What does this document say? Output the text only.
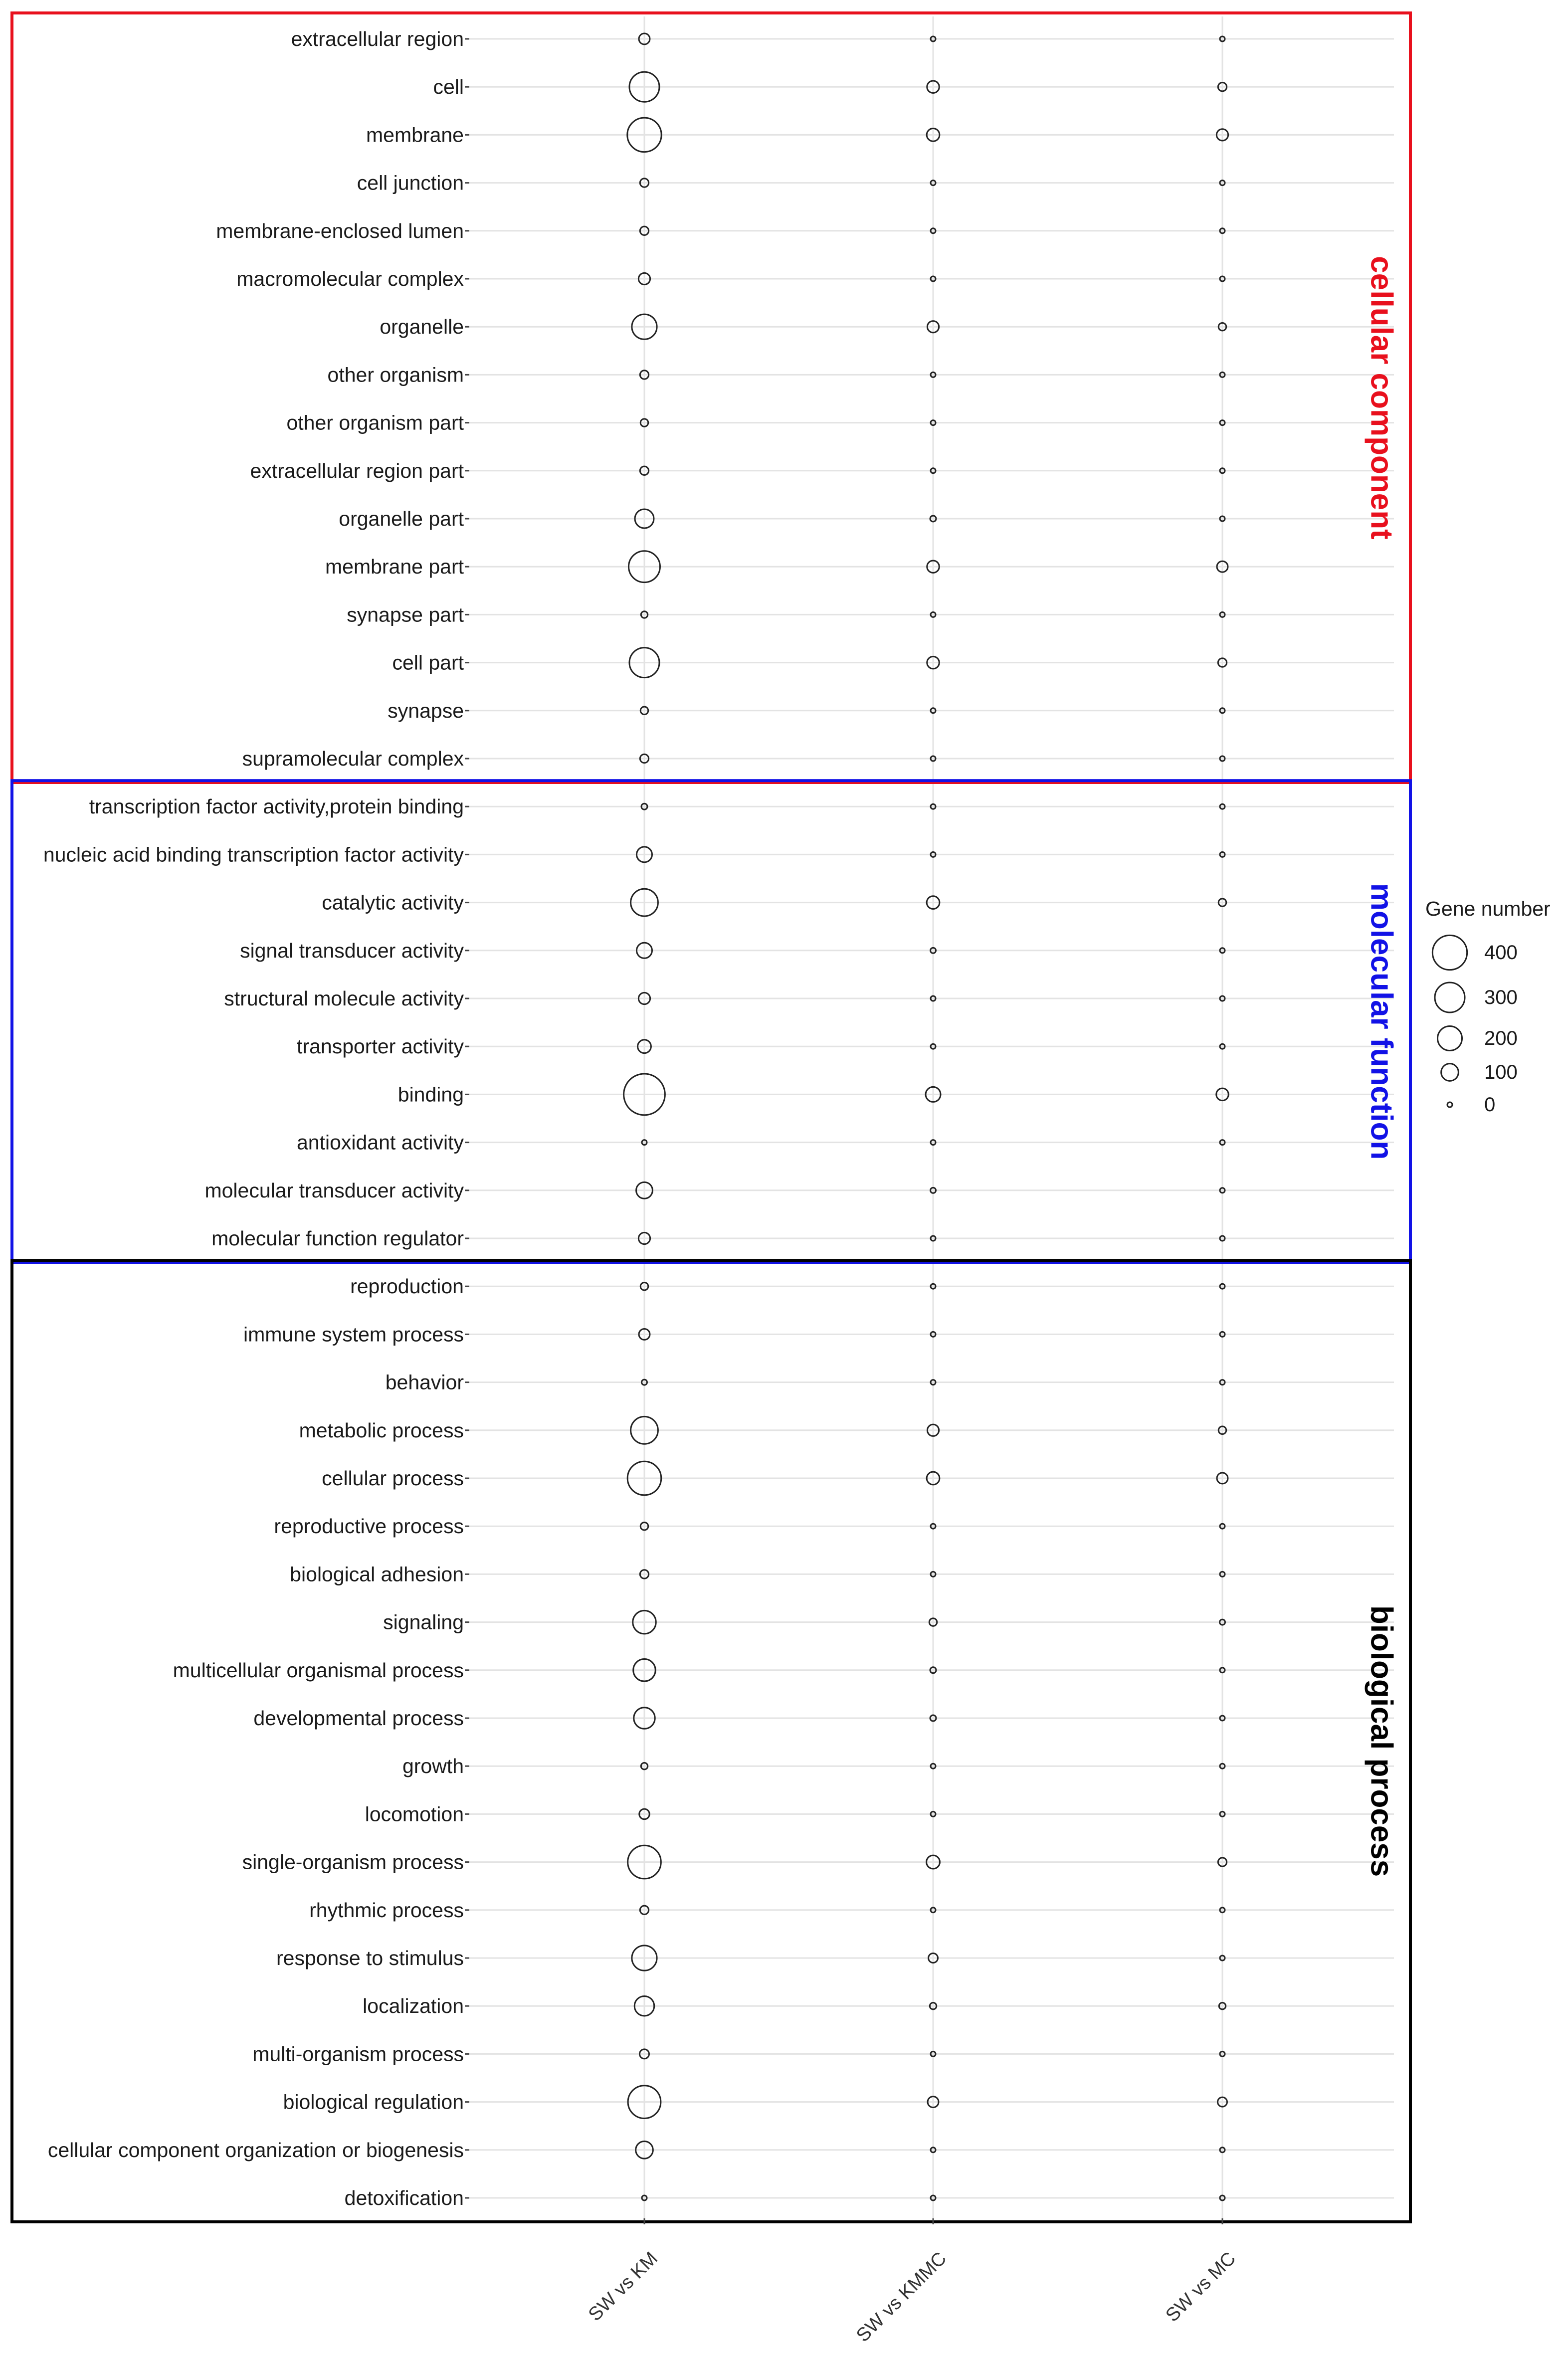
extracellular region
cell
membrane
cell junction
membrane-enclosed lumen
macromolecular complex
organelle
other organism
other organism part
extracellular region part
organelle part
membrane part
synapse part
cell part
synapse
supramolecular complex
transcription factor activity,protein binding
nucleic acid binding transcription factor activity
catalytic activity
signal transducer activity
structural molecule activity
transporter activity
binding
antioxidant activity
molecular transducer activity
molecular function regulator
reproduction
immune system process
behavior
metabolic process
cellular process
reproductive process
biological adhesion
signaling
multicellular organismal process
developmental process
growth
locomotion
single-organism process
rhythmic process
response to stimulus
localization
multi-organism process
biological regulation
cellular component organization or biogenesis
detoxification
cellular component
molecular function
biological process
SW vs KM	SW vs KMMC	SW vs MC
Gene number
400
300
200
100
0
